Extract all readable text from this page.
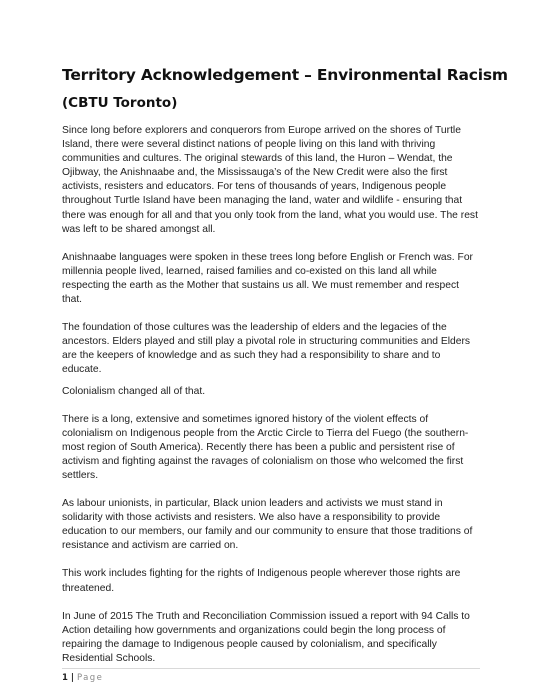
Territory Acknowledgement – Environmental Racism
(CBTU Toronto)

Since long before explorers and conquerors from Europe arrived on the shores of Turtle Island, there were several distinct nations of people living on this land with thriving communities and cultures. The original stewards of this land, the Huron – Wendat, the Ojibway, the Anishnaabe and, the Mississauga’s of the New Credit were also the first activists, resisters and educators. For tens of thousands of years, Indigenous people throughout Turtle Island have been managing the land, water and wildlife - ensuring that there was enough for all and that you only took from the land, what you would use. The rest was left to be shared amongst all.

Anishnaabe languages were spoken in these trees long before English or French was. For millennia people lived, learned, raised families and co-existed on this land all while respecting the earth as the Mother that sustains us all. We must remember and respect that.

The foundation of those cultures was the leadership of elders and the legacies of the ancestors. Elders played and still play a pivotal role in structuring communities and Elders are the keepers of knowledge and as such they had a responsibility to share and to educate.

Colonialism changed all of that.

There is a long, extensive and sometimes ignored history of the violent effects of colonialism on Indigenous people from the Arctic Circle to Tierra del Fuego (the southern-most region of South America). Recently there has been a public and persistent rise of activism and fighting against the ravages of colonialism on those who welcomed the first settlers.

As labour unionists, in particular, Black union leaders and activists we must stand in solidarity with those activists and resisters. We also have a responsibility to provide education to our members, our family and our community to ensure that those traditions of resistance and activism are carried on.

This work includes fighting for the rights of Indigenous people wherever those rights are threatened.

In June of 2015 The Truth and Reconciliation Commission issued a report with 94 Calls to Action detailing how governments and organizations could begin the long process of repairing the damage to Indigenous people caused by colonialism, and specifically Residential Schools.

1 | Page
